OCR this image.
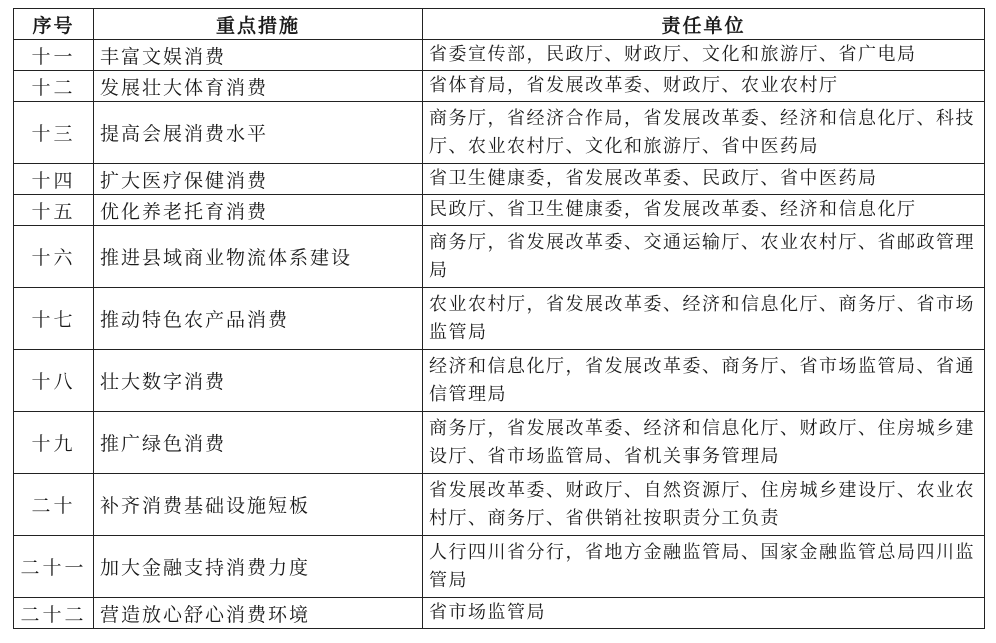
序号	重点措施	责任单位
十一	丰富文娱消费	省委宣传部，民政厅、财政厅、文化和旅游厅、省广电局
十二	发展壮大体育消费	省体育局，省发展改革委、财政厅、农业农村厅
十三	提高会展消费水平	商务厅，省经济合作局，省发展改革委、经济和信息化厅、科技厅、农业农村厅、文化和旅游厅、省中医药局
十四	扩大医疗保健消费	省卫生健康委，省发展改革委、民政厅、省中医药局
十五	优化养老托育消费	民政厅、省卫生健康委，省发展改革委、经济和信息化厅
十六	推进县域商业物流体系建设	商务厅，省发展改革委、交通运输厅、农业农村厅、省邮政管理局
十七	推动特色农产品消费	农业农村厅，省发展改革委、经济和信息化厅、商务厅、省市场监管局
十八	壮大数字消费	经济和信息化厅，省发展改革委、商务厅、省市场监管局、省通信管理局
十九	推广绿色消费	商务厅，省发展改革委、经济和信息化厅、财政厅、住房城乡建设厅、省市场监管局、省机关事务管理局
二十	补齐消费基础设施短板	省发展改革委、财政厅、自然资源厅、住房城乡建设厅、农业农村厅、商务厅、省供销社按职责分工负责
二十一	加大金融支持消费力度	人行四川省分行，省地方金融监管局、国家金融监管总局四川监管局
二十二	营造放心舒心消费环境	省市场监管局
